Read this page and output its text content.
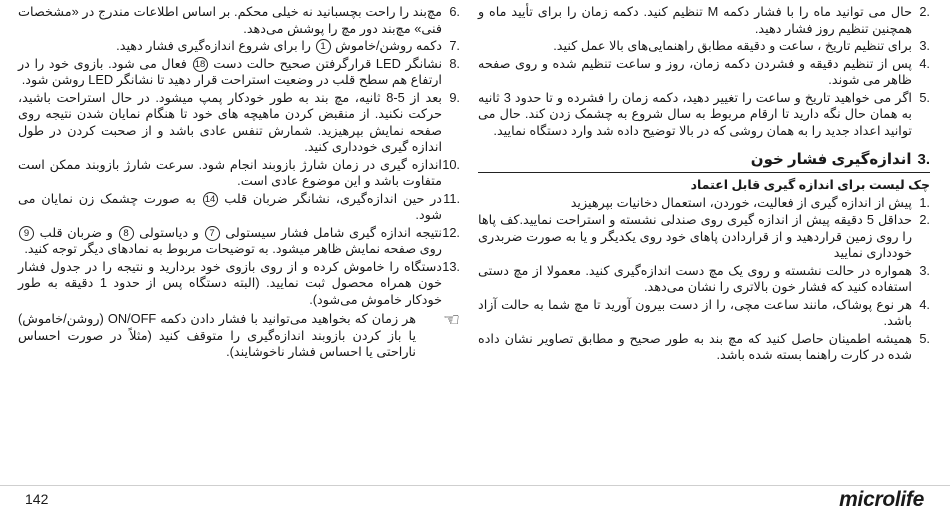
2.
حال می توانید ماه را با فشار دکمه M تنظیم کنید. دکمه زمان را برای تأیید ماه و همچنین تنظیم روز فشار دهید.
3.
برای تنظیم تاریخ ، ساعت و دقیقه مطابق راهنمایی‌های بالا عمل کنید.
4.
پس از تنظیم دقیقه و فشردن دکمه زمان، روز و ساعت تنظیم شده و روی صفحه ظاهر می شوند.
5.
اگر می خواهید تاریخ و ساعت را تغییر دهید، دکمه زمان را فشرده و تا حدود 3 ثانیه به همان حال نگه دارید تا ارقام مربوط به سال شروع به چشمک زدن کند. حال می توانید اعداد جدید را به همان روشی که در بالا توضیح داده شد وارد دستگاه نمایید.
3.اندازه‌گیری فشار خون
چک لیست برای اندازه گیری قابل اعتماد
1.
پیش از اندازه گیری از فعالیت، خوردن، استعمال دخانیات بپرهیزید
2.
حداقل 5 دقیقه پیش از اندازه گیری روی صندلی نشسته و استراحت نمایید.کف پاها را روی زمین قراردهید و از قراردادن پاهای خود روی یکدیگر و یا به صورت ضربدری خودداری نمایید
3.
همواره در حالت نشسته و روی یک مچ دست اندازه‌گیری کنید. معمولا از مچ دستی استفاده کنید که فشار خون بالاتری را نشان می‌دهد.
4.
هر نوع پوشاک، مانند ساعت مچی، را از دست بیرون آورید تا مچ شما به حالت آزاد باشد.
5.
همیشه اطمینان حاصل کنید که مچ بند به طور صحیح و مطابق تصاویر نشان داده شده در کارت راهنما بسته شده باشد.
6.
مچ‌بند را راحت بچسبانید نه خیلی محکم. بر اساس اطلاعات مندرج در «مشخصات فنی» مچ‌بند دور مچ را پوشش می‌دهد.
7.
دکمه روشن/خاموش 1 را برای شروع اندازه‌گیری فشار دهید.
8.
نشانگر LED قرارگرفتن صحیح حالت دست 18 فعال می شود. بازوی خود را در ارتفاع هم سطح قلب در وضعیت استراحت قرار دهید تا نشانگر LED روشن شود.
9.
بعد از 5-8 ثانیه، مچ بند به طور خودکار پمپ میشود. در حال استراحت باشید، حرکت نکنید. از منقبض کردن ماهیچه های خود تا هنگام نمایان شدن نتیجه روی صفحه نمایش بپرهیزید. شمارش تنفس عادی باشد و از صحبت کردن در طول اندازه گیری خودداری کنید.
10.
اندازه گیری در زمان شارژ بازوبند انجام شود. سرعت شارژ بازوبند ممکن است متفاوت باشد و این موضوع عادی است.
11.
در حین اندازه‌گیری، نشانگر ضربان قلب 14 به صورت چشمک زن نمایان می شود.
12.
نتیجه اندازه گیری شامل فشار سیستولی 7 و دیاستولی 8 و ضربان قلب 9 روی صفحه نمایش ظاهر میشود. به توضیحات مربوط به نمادهای دیگر توجه کنید.
13.
دستگاه را خاموش کرده و از روی بازوی خود بردارید و نتیجه را در جدول فشار خون همراه محصول ثبت نمایید. (البته دستگاه پس از حدود 1 دقیقه به طور خودکار خاموش می‌شود).
☜
هر زمان که بخواهید می‌توانید با فشار دادن دکمه ON/OFF (روشن/خاموش) یا باز کردن بازوبند اندازه‌گیری را متوقف کنید (مثلاً در صورت احساس ناراحتی یا احساس فشار ناخوشایند).
142	microlife
